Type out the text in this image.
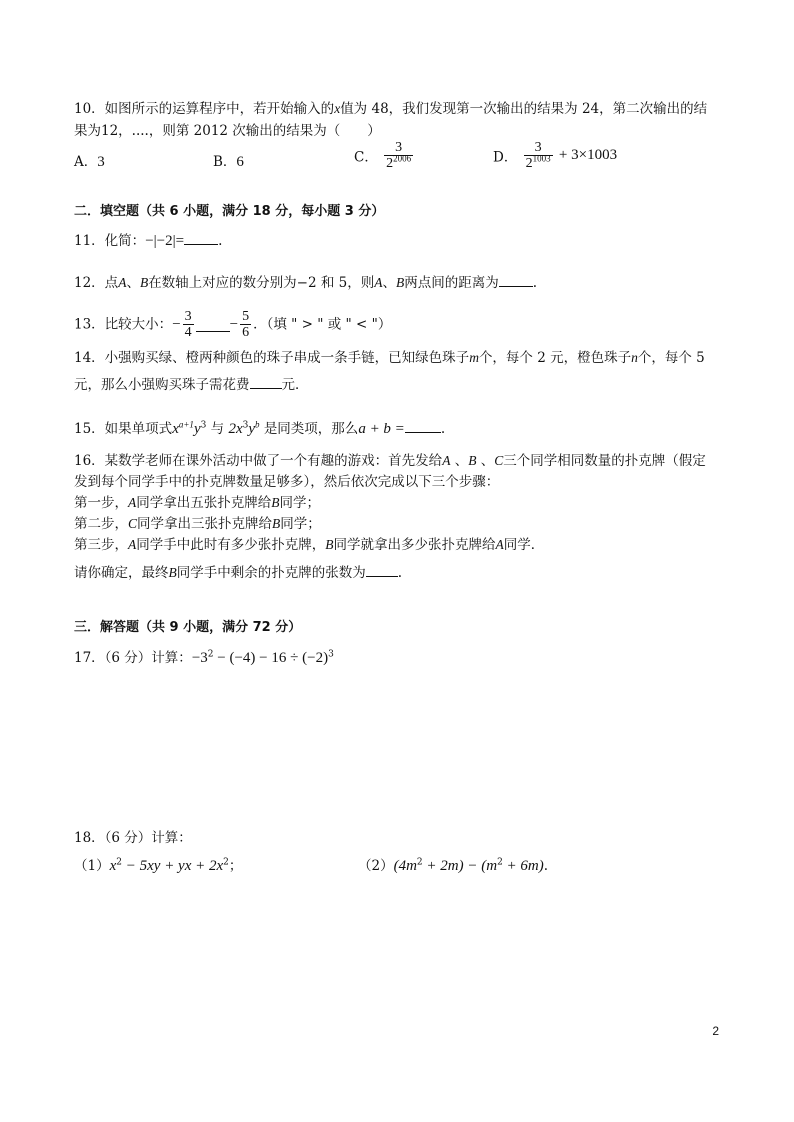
10．如图所示的运算程序中，若开始输入的x值为 48，我们发现第一次输出的结果为 24，第二次输出的结
果为12，....，则第 2012 次输出的结果为（　　）
A．3	B．6	C． $\frac{3}{2^{2006}}$	D． $\frac{3}{2^{1003}} + 3\times 1003$
二．填空题（共 6 小题，满分 18 分，每小题 3 分）
11．化简：−|−2|=	.
12．点A、B在数轴上对应的数分别为−2 和 5，则A、B两点间的距离为	.
13．比较大小：− $\frac{3}{4} - \frac{5}{6}$ ．（填 " > " 或 " < "）
14．小强购买绿、橙两种颜色的珠子串成一条手链，已知绿色珠子m个，每个 2 元，橙色珠子n个，每个 5
元，那么小强购买珠子需花费 元．
15．如果单项式$x^{a+1}y^3$ 与 $2x^3y^b$ 是同类项，那么a + b =	.
16．某数学老师在课外活动中做了一个有趣的游戏：首先发给A 、B 、C三个同学相同数量的扑克牌（假定
发到每个同学手中的扑克牌数量足够多），然后依次完成以下三个步骤：
第一步，A同学拿出五张扑克牌给B同学；
第二步，C同学拿出三张扑克牌给B同学；
第三步，A同学手中此时有多少张扑克牌，B同学就拿出多少张扑克牌给A同学．
请你确定，最终B同学手中剩余的扑克牌的张数为 .
三．解答题（共 9 小题，满分 72 分）
17．（6 分）计算：$-3^2 - (-4) - 16 \div (-2)^3$
18．（6 分）计算：
$(1)x^2 - 5xy$ + yx + $2x^2$；	$(2)(4m^2 + 2m) - (m^2 + 6m)$.
2
